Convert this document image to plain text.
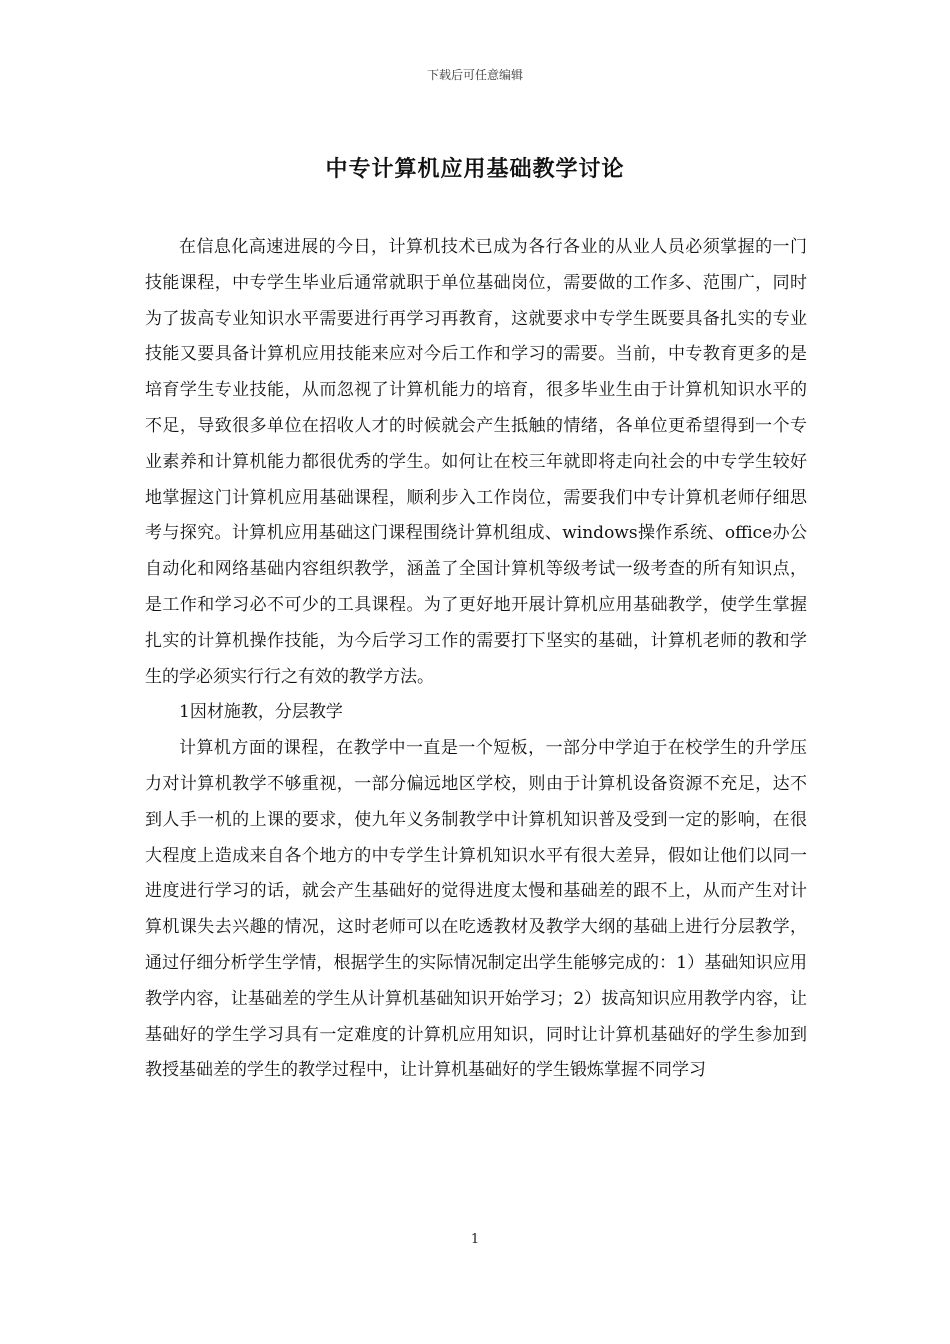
下载后可任意编辑
中专计算机应用基础教学讨论

在信息化高速进展的今日，计算机技术已成为各行各业的从业人员必须掌握的一门技能课程，中专学生毕业后通常就职于单位基础岗位，需要做的工作多、范围广，同时为了拔高专业知识水平需要进行再学习再教育，这就要求中专学生既要具备扎实的专业技能又要具备计算机应用技能来应对今后工作和学习的需要。当前，中专教育更多的是培育学生专业技能，从而忽视了计算机能力的培育，很多毕业生由于计算机知识水平的不足，导致很多单位在招收人才的时候就会产生抵触的情绪，各单位更希望得到一个专业素养和计算机能力都很优秀的学生。如何让在校三年就即将走向社会的中专学生较好地掌握这门计算机应用基础课程，顺利步入工作岗位，需要我们中专计算机老师仔细思考与探究。计算机应用基础这门课程围绕计算机组成、windows操作系统、office办公自动化和网络基础内容组织教学，涵盖了全国计算机等级考试一级考查的所有知识点，是工作和学习必不可少的工具课程。为了更好地开展计算机应用基础教学，使学生掌握扎实的计算机操作技能，为今后学习工作的需要打下坚实的基础，计算机老师的教和学生的学必须实行行之有效的教学方法。

1因材施教，分层教学

计算机方面的课程，在教学中一直是一个短板，一部分中学迫于在校学生的升学压力对计算机教学不够重视，一部分偏远地区学校，则由于计算机设备资源不充足，达不到人手一机的上课的要求，使九年义务制教学中计算机知识普及受到一定的影响，在很大程度上造成来自各个地方的中专学生计算机知识水平有很大差异，假如让他们以同一进度进行学习的话，就会产生基础好的觉得进度太慢和基础差的跟不上，从而产生对计算机课失去兴趣的情况，这时老师可以在吃透教材及教学大纲的基础上进行分层教学，通过仔细分析学生学情，根据学生的实际情况制定出学生能够完成的：1）基础知识应用教学内容，让基础差的学生从计算机基础知识开始学习；2）拔高知识应用教学内容，让基础好的学生学习具有一定难度的计算机应用知识，同时让计算机基础好的学生参加到教授基础差的学生的教学过程中，让计算机基础好的学生锻炼掌握不同学习

1
